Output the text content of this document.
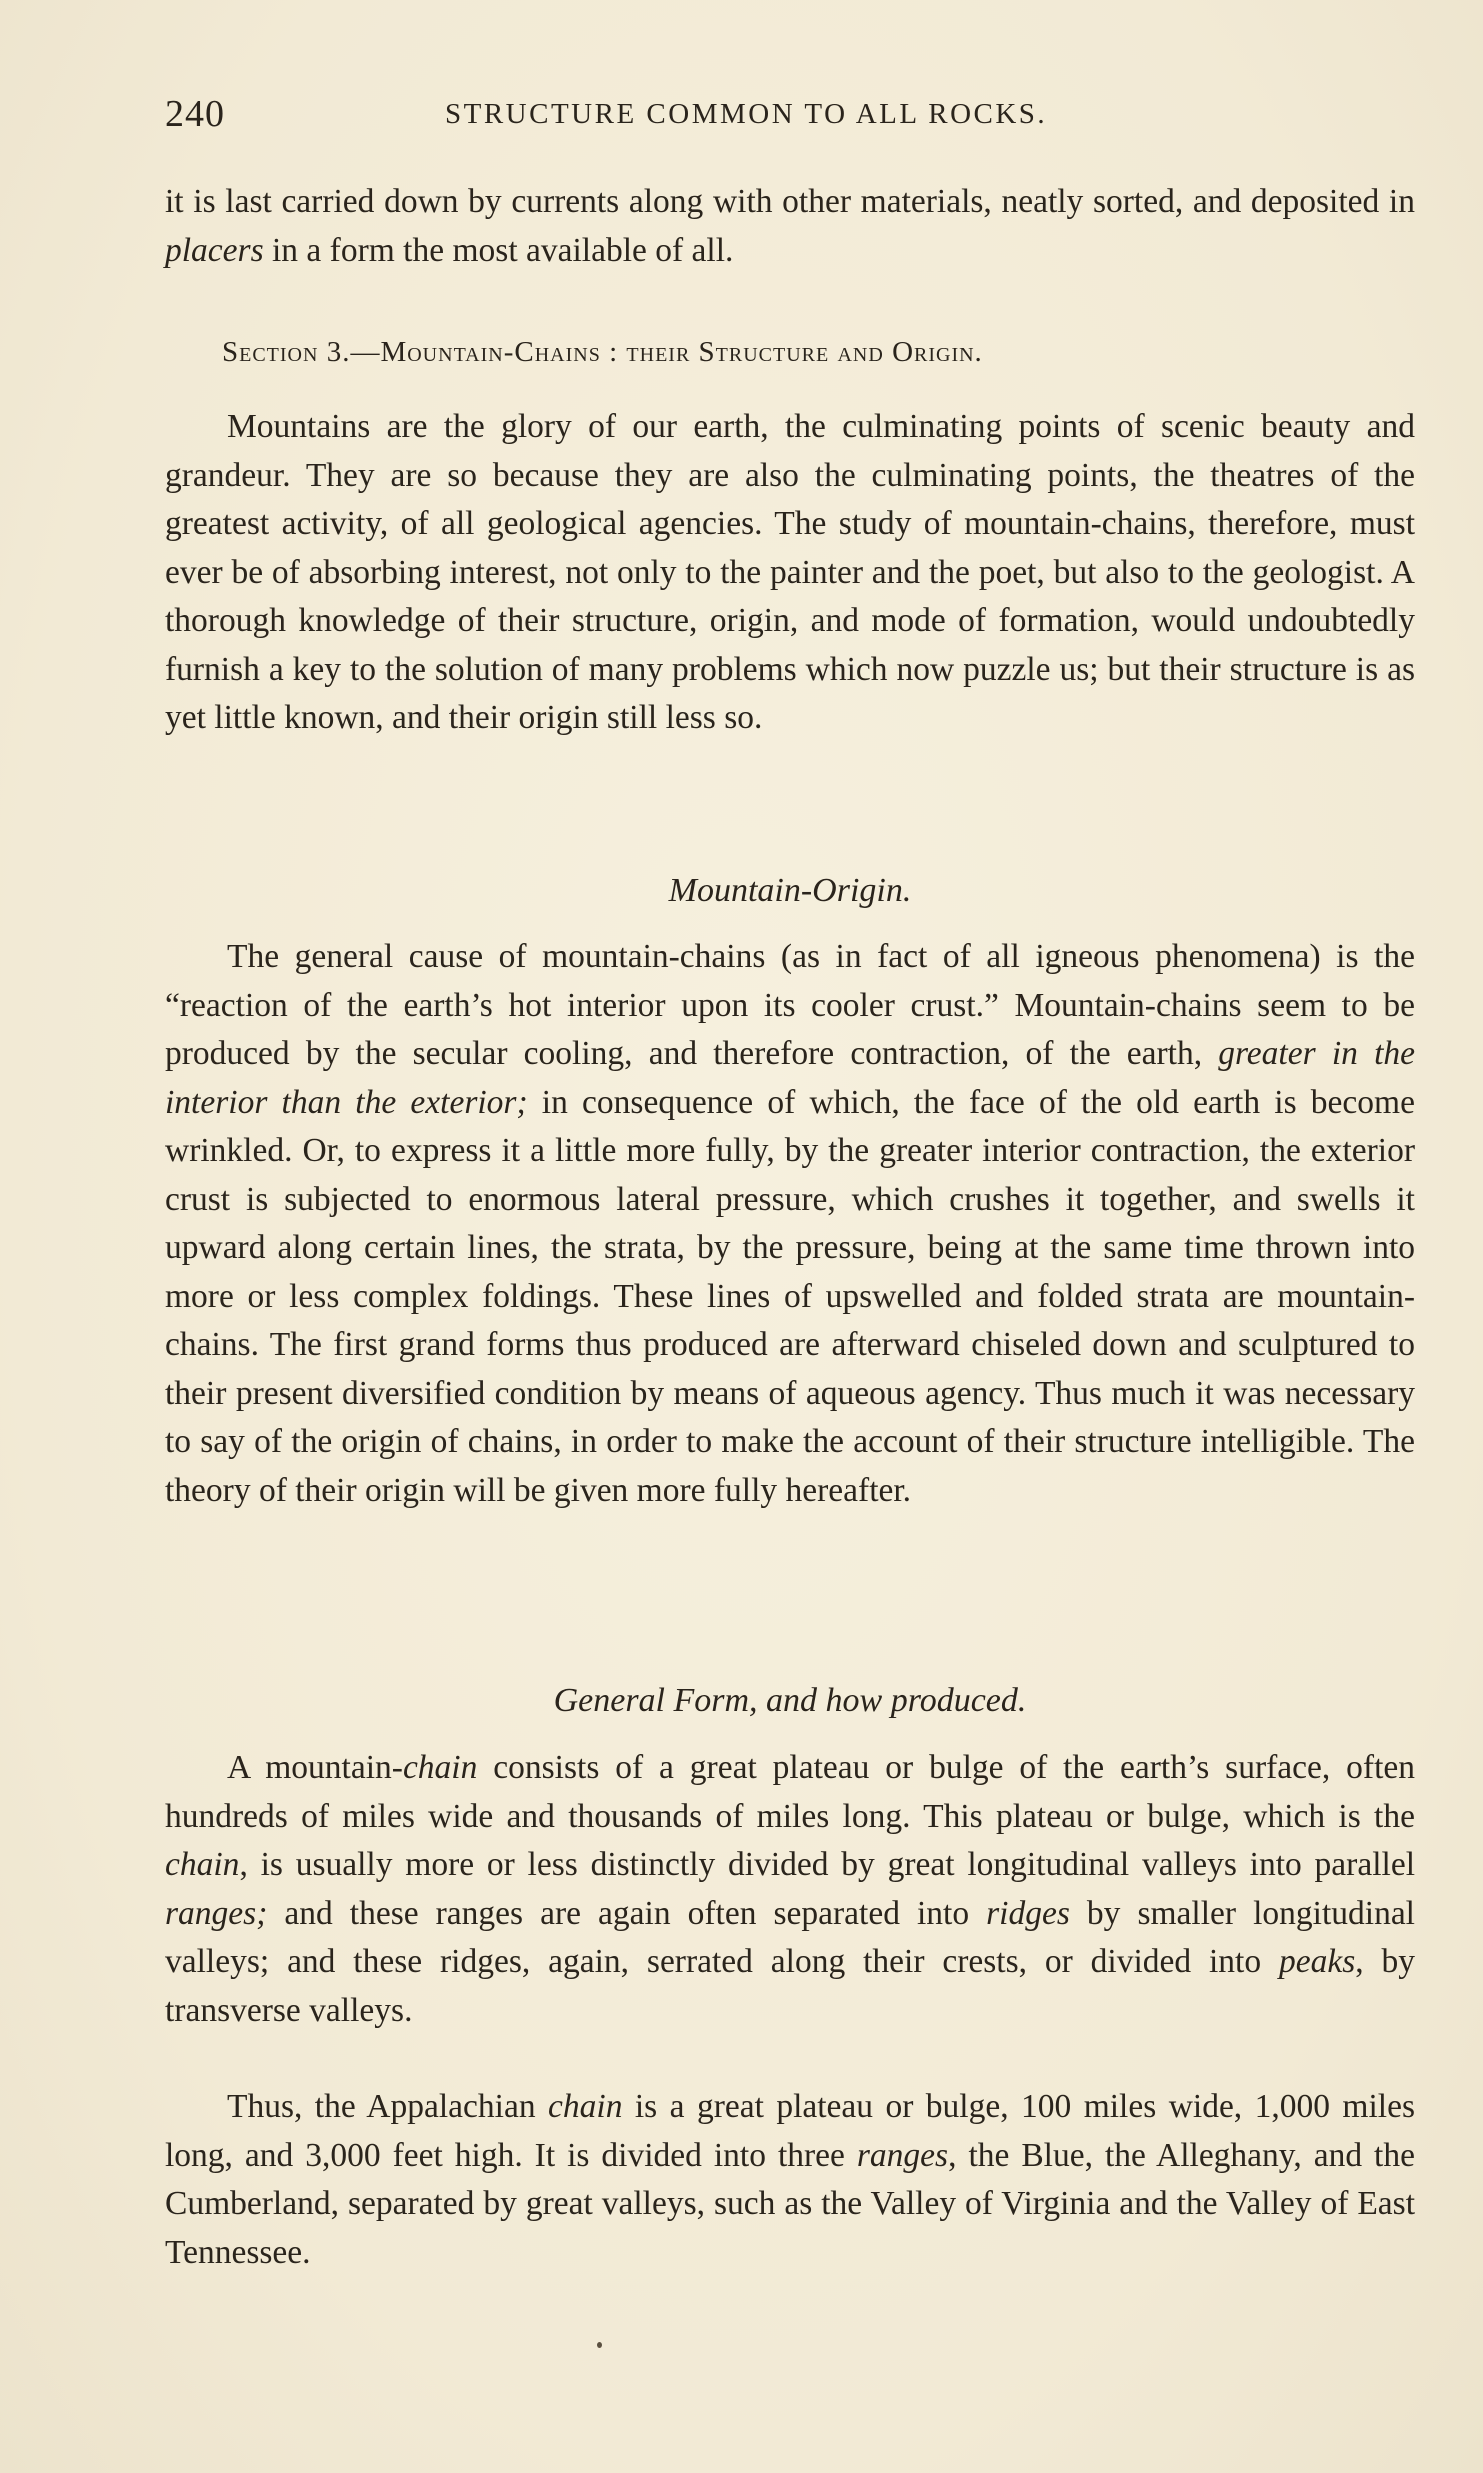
240	STRUCTURE COMMON TO ALL ROCKS.

it is last carried down by currents along with other materials, neatly sorted, and deposited in placers in a form the most available of all.

Section 3.—Mountain-Chains : their Structure and Origin.

Mountains are the glory of our earth, the culminating points of scenic beauty and grandeur. They are so because they are also the culminating points, the theatres of the greatest activity, of all geological agencies. The study of mountain-chains, therefore, must ever be of absorbing interest, not only to the painter and the poet, but also to the geologist. A thorough knowledge of their structure, origin, and mode of formation, would undoubtedly furnish a key to the solution of many problems which now puzzle us; but their structure is as yet little known, and their origin still less so.

Mountain-Origin.

The general cause of mountain-chains (as in fact of all igneous phenomena) is the “reaction of the earth’s hot interior upon its cooler crust.” Mountain-chains seem to be produced by the secular cooling, and therefore contraction, of the earth, greater in the interior than the exterior; in consequence of which, the face of the old earth is become wrinkled. Or, to express it a little more fully, by the greater interior contraction, the exterior crust is subjected to enormous lateral pressure, which crushes it together, and swells it upward along certain lines, the strata, by the pressure, being at the same time thrown into more or less complex foldings. These lines of upswelled and folded strata are mountain-chains. The first grand forms thus produced are afterward chiseled down and sculptured to their present diversified condition by means of aqueous agency. Thus much it was necessary to say of the origin of chains, in order to make the account of their structure intelligible. The theory of their origin will be given more fully hereafter.

General Form, and how produced.

A mountain-chain consists of a great plateau or bulge of the earth’s surface, often hundreds of miles wide and thousands of miles long. This plateau or bulge, which is the chain, is usually more or less distinctly divided by great longitudinal valleys into parallel ranges; and these ranges are again often separated into ridges by smaller longitudinal valleys; and these ridges, again, serrated along their crests, or divided into peaks, by transverse valleys.

Thus, the Appalachian chain is a great plateau or bulge, 100 miles wide, 1,000 miles long, and 3,000 feet high. It is divided into three ranges, the Blue, the Alleghany, and the Cumberland, separated by great valleys, such as the Valley of Virginia and the Valley of East Tennessee.
